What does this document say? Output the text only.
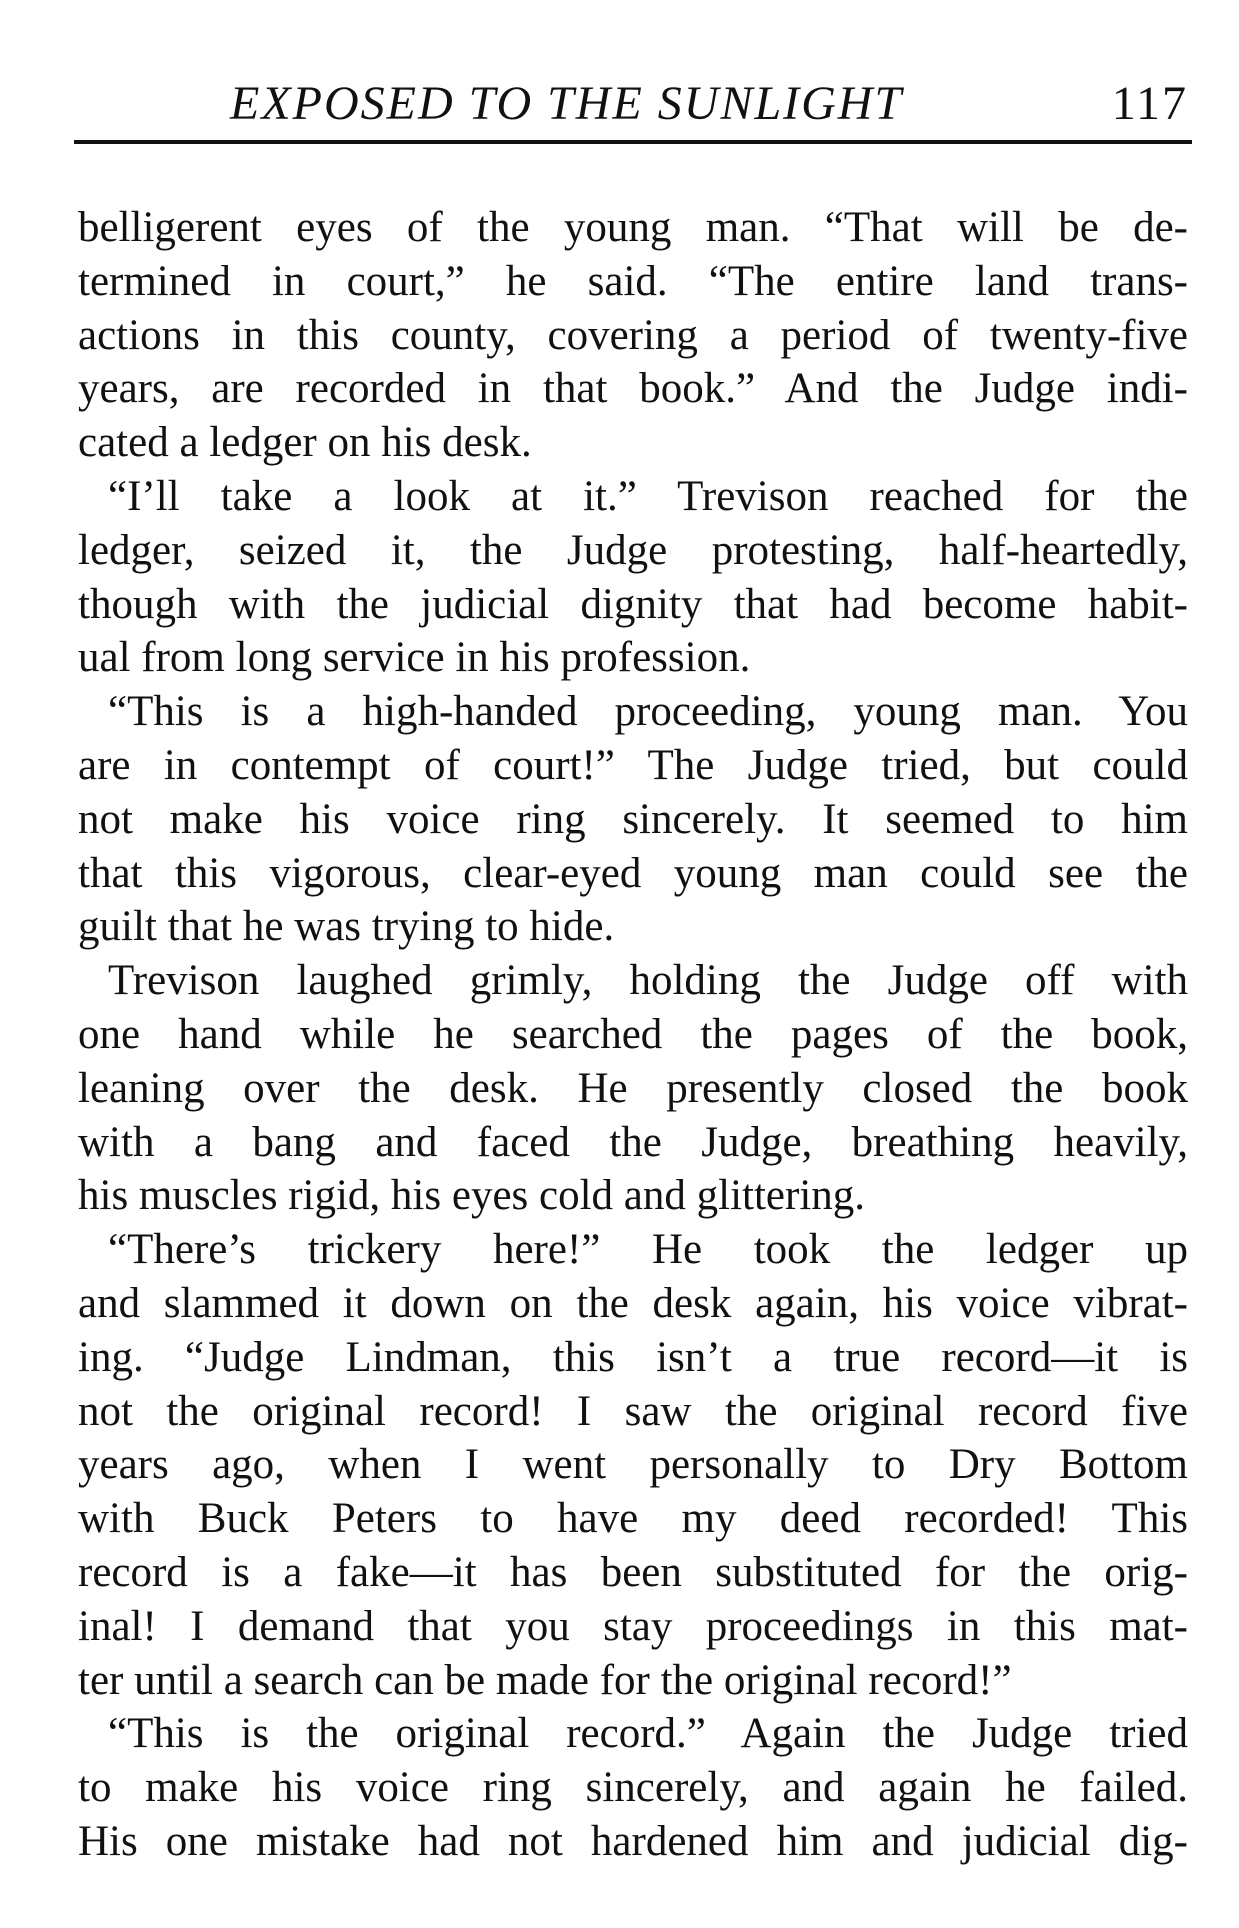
EXPOSED TO THE SUNLIGHT	117
belligerent eyes of the young man. “That will be de-
termined in court,” he said. “The entire land trans-
actions in this county, covering a period of twenty-five
years, are recorded in that book.” And the Judge indi-
cated a ledger on his desk.
“I’ll take a look at it.” Trevison reached for the
ledger, seized it, the Judge protesting, half-heartedly,
though with the judicial dignity that had become habit-
ual from long service in his profession.
“This is a high-handed proceeding, young man. You
are in contempt of court!” The Judge tried, but could
not make his voice ring sincerely. It seemed to him
that this vigorous, clear-eyed young man could see the
guilt that he was trying to hide.
Trevison laughed grimly, holding the Judge off with
one hand while he searched the pages of the book,
leaning over the desk. He presently closed the book
with a bang and faced the Judge, breathing heavily,
his muscles rigid, his eyes cold and glittering.
“There’s trickery here!” He took the ledger up
and slammed it down on the desk again, his voice vibrat-
ing. “Judge Lindman, this isn’t a true record—it is
not the original record! I saw the original record five
years ago, when I went personally to Dry Bottom
with Buck Peters to have my deed recorded! This
record is a fake—it has been substituted for the orig-
inal! I demand that you stay proceedings in this mat-
ter until a search can be made for the original record!”
“This is the original record.” Again the Judge tried
to make his voice ring sincerely, and again he failed.
His one mistake had not hardened him and judicial dig-
